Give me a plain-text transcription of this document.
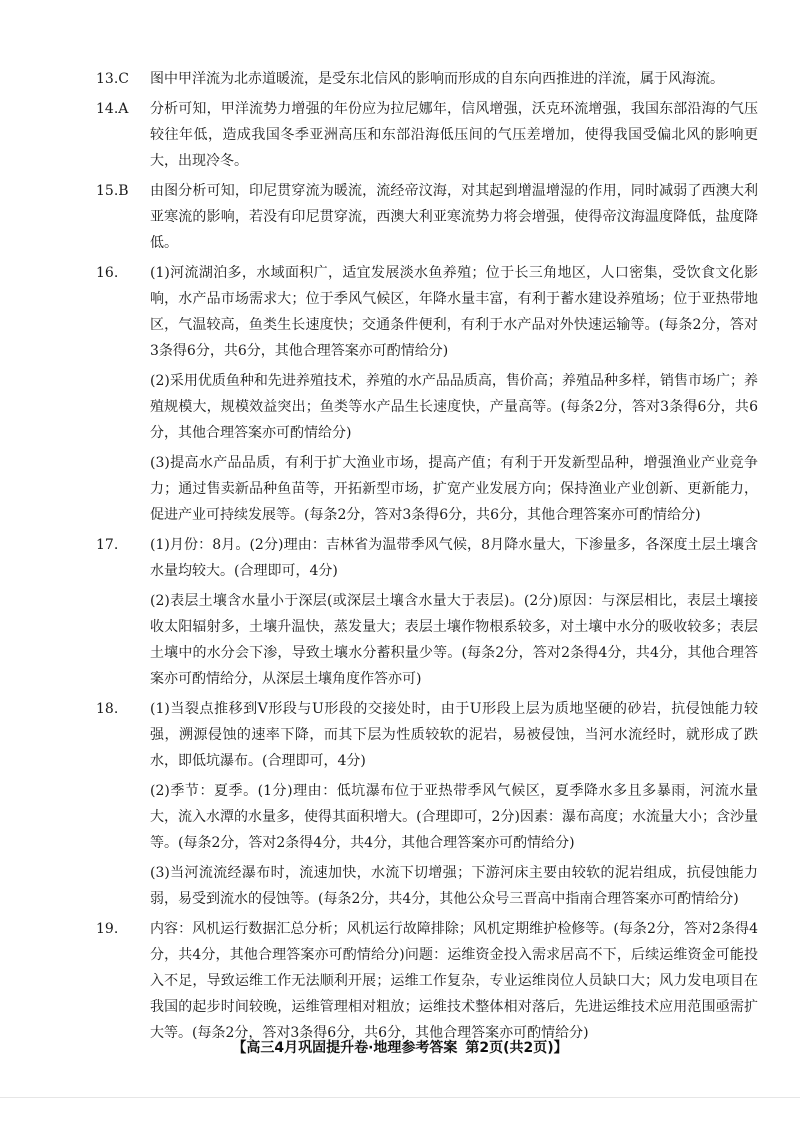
13.C	图中甲洋流为北赤道暖流，是受东北信风的影响而形成的自东向西推进的洋流，属于风海流。
14.A	分析可知，甲洋流势力增强的年份应为拉尼娜年，信风增强，沃克环流增强，我国东部沿海的气压较往年低，造成我国冬季亚洲高压和东部沿海低压间的气压差增加，使得我国受偏北风的影响更大，出现冷冬。
15.B	由图分析可知，印尼贯穿流为暖流，流经帝汶海，对其起到增温增湿的作用，同时减弱了西澳大利亚寒流的影响，若没有印尼贯穿流，西澳大利亚寒流势力将会增强，使得帝汶海温度降低，盐度降低。
16.	(1)河流湖泊多，水域面积广，适宜发展淡水鱼养殖；位于长三角地区，人口密集，受饮食文化影响，水产品市场需求大；位于季风气候区，年降水量丰富，有利于蓄水建设养殖场；位于亚热带地区，气温较高，鱼类生长速度快；交通条件便利，有利于水产品对外快速运输等。(每条2分，答对3条得6分，共6分，其他合理答案亦可酌情给分)
(2)采用优质鱼种和先进养殖技术，养殖的水产品品质高，售价高；养殖品种多样，销售市场广；养殖规模大，规模效益突出；鱼类等水产品生长速度快，产量高等。(每条2分，答对3条得6分，共6分，其他合理答案亦可酌情给分)
(3)提高水产品品质，有利于扩大渔业市场，提高产值；有利于开发新型品种，增强渔业产业竞争力；通过售卖新品种鱼苗等，开拓新型市场，扩宽产业发展方向；保持渔业产业创新、更新能力，促进产业可持续发展等。(每条2分，答对3条得6分，共6分，其他合理答案亦可酌情给分)
17.	(1)月份：8月。(2分)理由：吉林省为温带季风气候，8月降水量大，下渗量多，各深度土层土壤含水量均较大。(合理即可，4分)
(2)表层土壤含水量小于深层(或深层土壤含水量大于表层)。(2分)原因：与深层相比，表层土壤接收太阳辐射多，土壤升温快，蒸发量大；表层土壤作物根系较多，对土壤中水分的吸收较多；表层土壤中的水分会下渗，导致土壤水分蓄积量少等。(每条2分，答对2条得4分，共4分，其他合理答案亦可酌情给分，从深层土壤角度作答亦可)
18.	(1)当裂点推移到V形段与U形段的交接处时，由于U形段上层为质地坚硬的砂岩，抗侵蚀能力较强，溯源侵蚀的速率下降，而其下层为性质较软的泥岩，易被侵蚀，当河水流经时，就形成了跌水，即低坑瀑布。(合理即可，4分)
(2)季节：夏季。(1分)理由：低坑瀑布位于亚热带季风气候区，夏季降水多且多暴雨，河流水量大，流入水潭的水量多，使得其面积增大。(合理即可，2分)因素：瀑布高度；水流量大小；含沙量等。(每条2分，答对2条得4分，共4分，其他合理答案亦可酌情给分)
(3)当河流流经瀑布时，流速加快，水流下切增强；下游河床主要由较软的泥岩组成，抗侵蚀能力弱，易受到流水的侵蚀等。(每条2分，共4分，其他公众号三晋高中指南合理答案亦可酌情给分)
19.	内容：风机运行数据汇总分析；风机运行故障排除；风机定期维护检修等。(每条2分，答对2条得4分，共4分，其他合理答案亦可酌情给分)问题：运维资金投入需求居高不下，后续运维资金可能投入不足，导致运维工作无法顺利开展；运维工作复杂，专业运维岗位人员缺口大；风力发电项目在我国的起步时间较晚，运维管理相对粗放；运维技术整体相对落后，先进运维技术应用范围亟需扩大等。(每条2分，答对3条得6分，共6分，其他合理答案亦可酌情给分)
【高三4月巩固提升卷·地理参考答案 第2页(共2页)】
